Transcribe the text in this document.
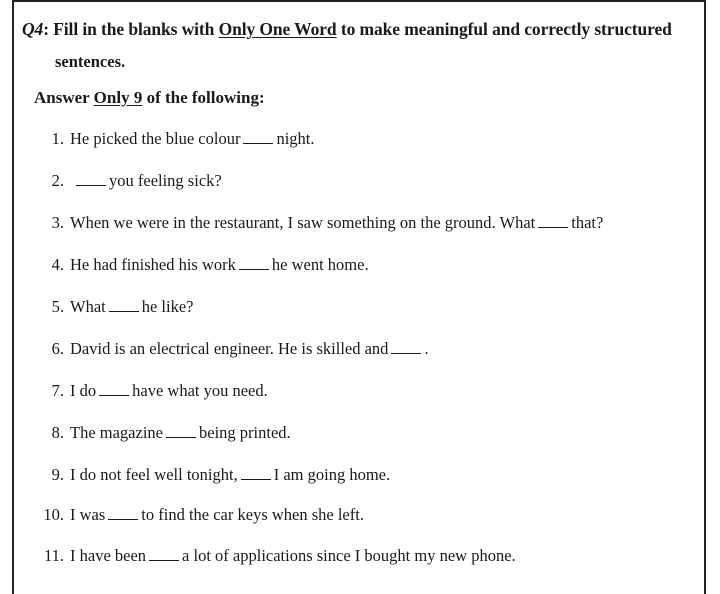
Q4: Fill in the blanks with Only One Word to make meaningful and correctly structured
sentences.
Answer Only 9 of the following:
1. He picked the blue colour night.
2.	you feeling sick?
3. When we were in the restaurant, I saw something on the ground. What that?
4. He had finished his work he went home.
5. What he like?
6. David is an electrical engineer. He is skilled and .
7. I do have what you need.
8. The magazine being printed.
9. I do not feel well tonight, I am going home.
10. I was to find the car keys when she left.
11. I have been a lot of applications since I bought my new phone.
